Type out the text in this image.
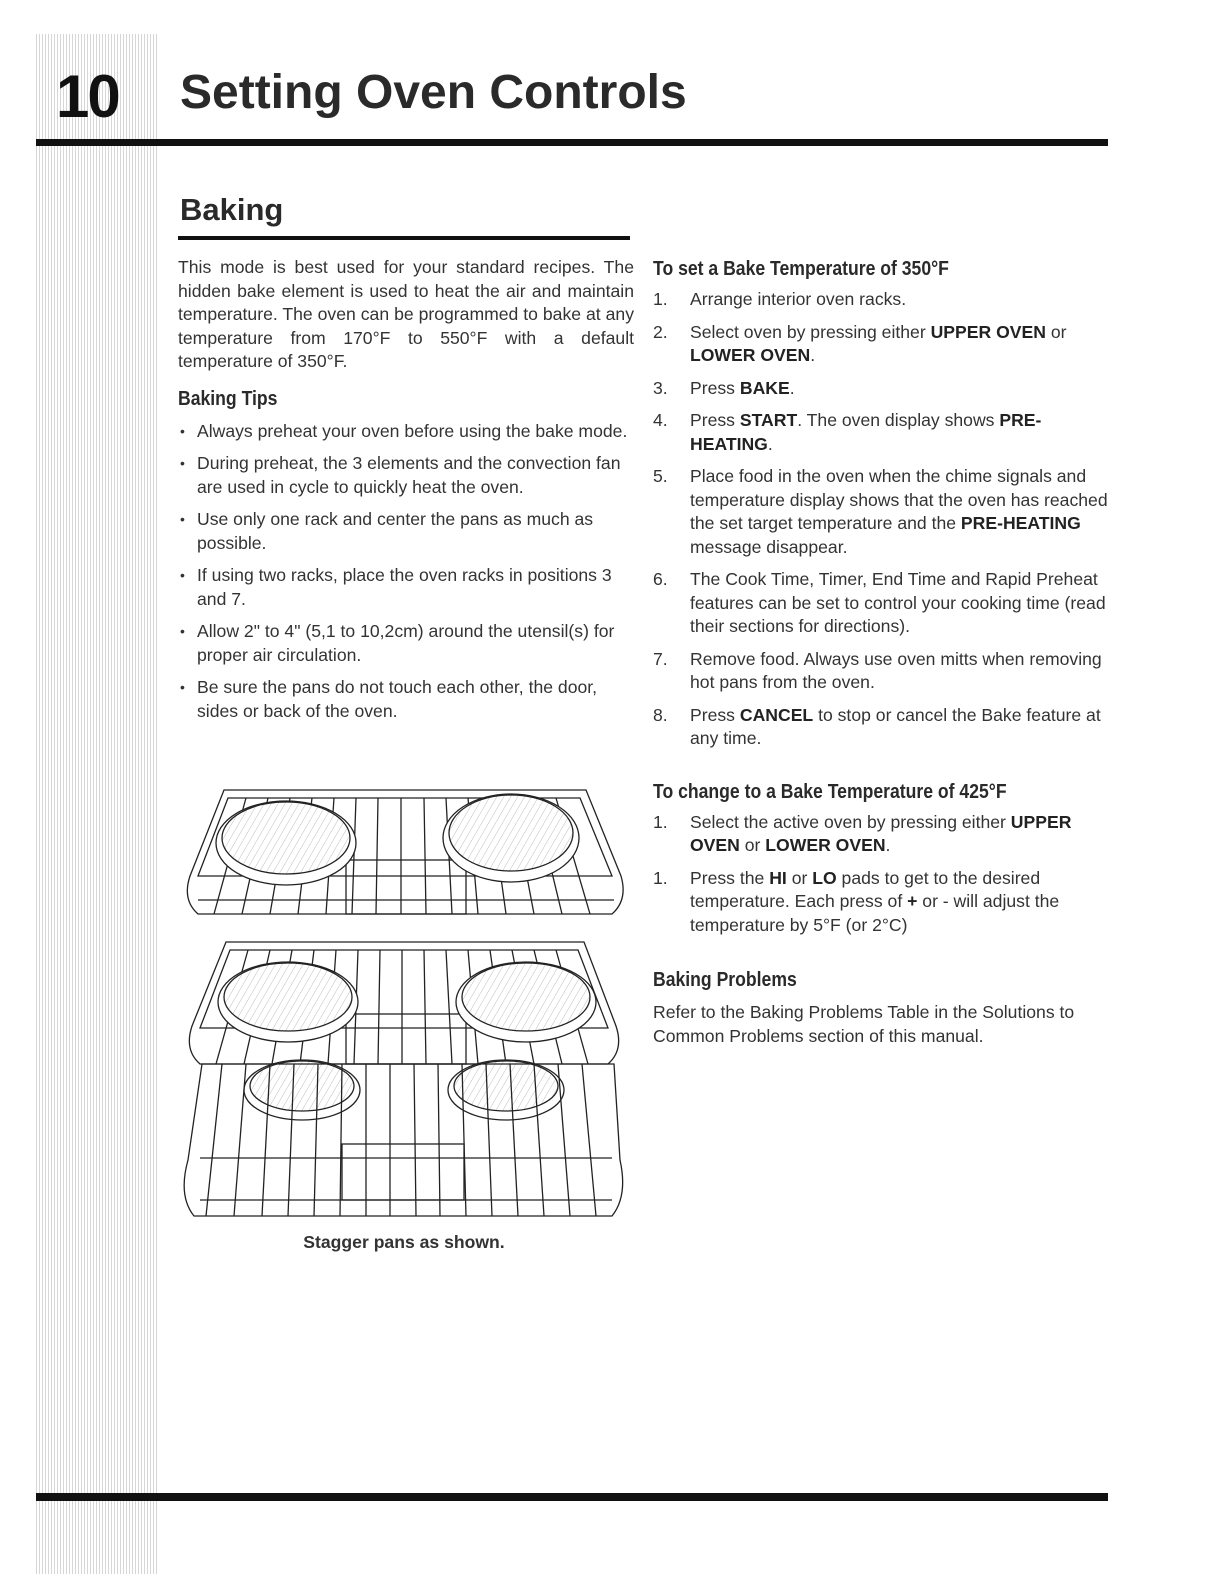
10 Setting Oven Controls
Baking

This mode is best used for your standard recipes. The hidden bake element is used to heat the air and maintain temperature. The oven can be programmed to bake at any temperature from 170°F to 550°F with a default temperature of 350°F.

Baking Tips
• Always preheat your oven before using the bake mode.
• During preheat, the 3 elements and the convection fan are used in cycle to quickly heat the oven.
• Use only one rack and center the pans as much as possible.
• If using two racks, place the oven racks in positions 3 and 7.
• Allow 2" to 4" (5,1 to 10,2cm) around the utensil(s) for proper air circulation.
• Be sure the pans do not touch each other, the door, sides or back of the oven.
Stagger pans as shown.
To set a Bake Temperature of 350°F
1. Arrange interior oven racks.
2. Select oven by pressing either UPPER OVEN or LOWER OVEN.
3. Press BAKE.
4. Press START. The oven display shows PRE-HEATING.
5. Place food in the oven when the chime signals and temperature display shows that the oven has reached the set target temperature and the PRE-HEATING message disappear.
6. The Cook Time, Timer, End Time and Rapid Preheat features can be set to control your cooking time (read their sections for directions).
7. Remove food. Always use oven mitts when removing hot pans from the oven.
8. Press CANCEL to stop or cancel the Bake feature at any time.
To change to a Bake Temperature of 425°F
1. Select the active oven by pressing either UPPER OVEN or LOWER OVEN.
1. Press the HI or LO pads to get to the desired temperature. Each press of + or - will adjust the temperature by 5°F (or 2°C)
Baking Problems

Refer to the Baking Problems Table in the Solutions to Common Problems section of this manual.
